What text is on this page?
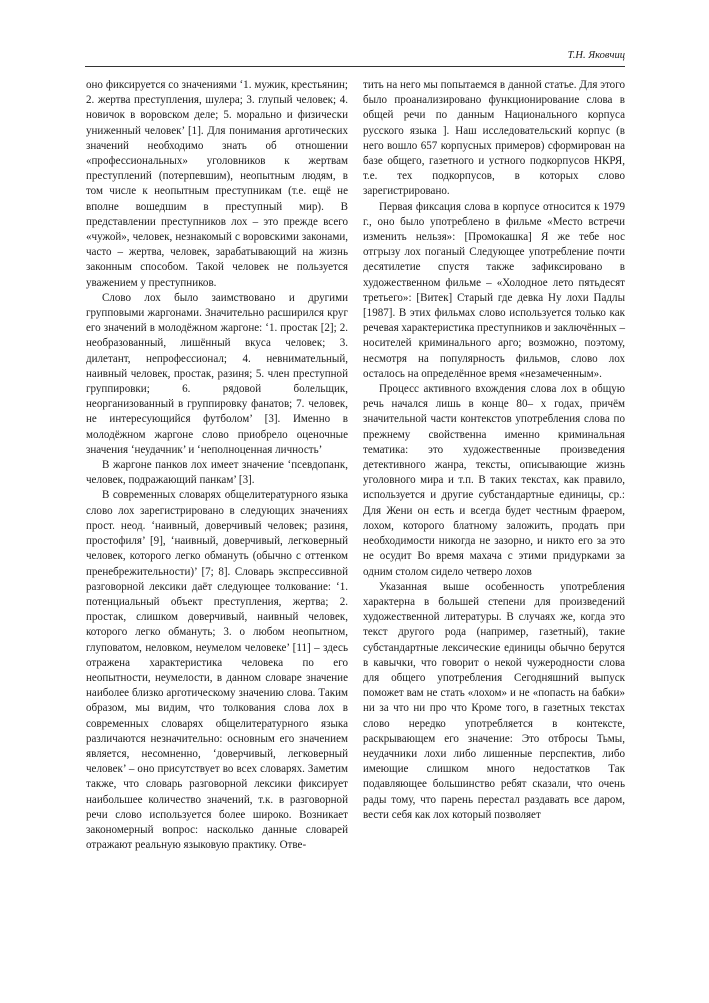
Т.Н. Яковчиц

оно фиксируется со значениями ‘1. мужик, крестьянин; 2. жертва преступления, шулера; 3. глупый человек; 4. новичок в воровском деле; 5. морально и физически униженный человек’ [1]. Для понимания арготических значений необходимо знать об отношении «профессиональных» уголовников к жертвам преступлений (потерпевшим), неопытным людям, в том числе к неопытным преступникам (т.е. ещё не вполне вошедшим в преступный мир). В представлении преступников лох – это прежде всего «чужой», человек, незнакомый с воровскими законами, часто – жертва, человек, зарабатывающий на жизнь законным способом. Такой человек не пользуется уважением у преступников.

Слово лох было заимствовано и другими групповыми жаргонами. Значительно расширился круг его значений в молодёжном жаргоне: ‘1. простак [2]; 2. необразованный, лишённый вкуса человек; 3. дилетант, непрофессионал; 4. невнимательный, наивный человек, простак, разиня; 5. член преступной группировки; 6. рядовой болельщик, неорганизованный в группировку фанатов; 7. человек, не интересующийся футболом’ [3]. Именно в молодёжном жаргоне слово приобрело оценочные значения ‘неудачник’ и ‘неполноценная личность’

В жаргоне панков лох имеет значение ‘псевдопанк, человек, подражающий панкам’ [3].

В современных словарях общелитературного языка слово лох зарегистрировано в следующих значениях прост. неод. ‘наивный, доверчивый человек; разиня, простофиля’ [9], ‘наивный, доверчивый, легковерный человек, которого легко обмануть (обычно с оттенком пренебрежительности)’ [7; 8]. Словарь экспрессивной разговорной лексики даёт следующее толкование: ‘1. потенциальный объект преступления, жертва; 2. простак, слишком доверчивый, наивный человек, которого легко обмануть; 3. о любом неопытном, глуповатом, неловком, неумелом человеке’ [11] – здесь отражена характеристика человека по его неопытности, неумелости, в данном словаре значение наиболее близко арготическому значению слова. Таким образом, мы видим, что толкования слова лох в современных словарях общелитературного языка различаются незначительно: основным его значением является, несомненно, ‘доверчивый, легковерный человек’ – оно присутствует во всех словарях. Заметим также, что словарь разговорной лексики фиксирует наибольшее количество значений, т.к. в разговорной речи слово используется более широко. Возникает закономерный вопрос: насколько данные словарей отражают реальную языковую практику. Отве-

тить на него мы попытаемся в данной статье. Для этого было проанализировано функционирование слова в общей речи по данным Национального корпуса русского языка ]. Наш исследовательский корпус (в него вошло 657 корпусных примеров) сформирован на базе общего, газетного и устного подкорпусов НКРЯ, т.е. тех подкорпусов, в которых слово зарегистрировано.

Первая фиксация слова в корпусе относится к 1979 г., оно было употреблено в фильме «Место встречи изменить нельзя»: [Промокашка] Я же тебе нос отгрызу лох поганый Следующее употребление почти десятилетие спустя также зафиксировано в художественном фильме – «Холодное лето пятьдесят третьего»: [Витек] Старый где девка Ну лохи Падлы [1987]. В этих фильмах слово используется только как речевая характеристика преступников и заключённых – носителей криминального арго; возможно, поэтому, несмотря на популярность фильмов, слово лох осталось на определённое время «незамеченным».

Процесс активного вхождения слова лох в общую речь начался лишь в конце 80– х годах, причём значительной части контекстов употребления слова по прежнему свойственна именно криминальная тематика: это художественные произведения детективного жанра, тексты, описывающие жизнь уголовного мира и т.п. В таких текстах, как правило, используется и другие субстандартные единицы, ср.: Для Жени он есть и всегда будет честным фраером, лохом, которого блатному заложить, продать при необходимости никогда не зазорно, и никто его за это не осудит Во время махача с этими придурками за одним столом сидело четверо лохов

Указанная выше особенность употребления характерна в большей степени для произведений художественной литературы. В случаях же, когда это текст другого рода (например, газетный), такие субстандартные лексические единицы обычно берутся в кавычки, что говорит о некой чужеродности слова для общего употребления Сегодняшний выпуск поможет вам не стать «лохом» и не «попасть на бабки» ни за что ни про что Кроме того, в газетных текстах слово нередко употребляется в контексте, раскрывающем его значение: Это отбросы Тьмы, неудачники лохи либо лишенные перспектив, либо имеющие слишком много недостатков Так подавляющее большинство ребят сказали, что очень рады тому, что парень перестал раздавать все даром, вести себя как лох который позволяет
